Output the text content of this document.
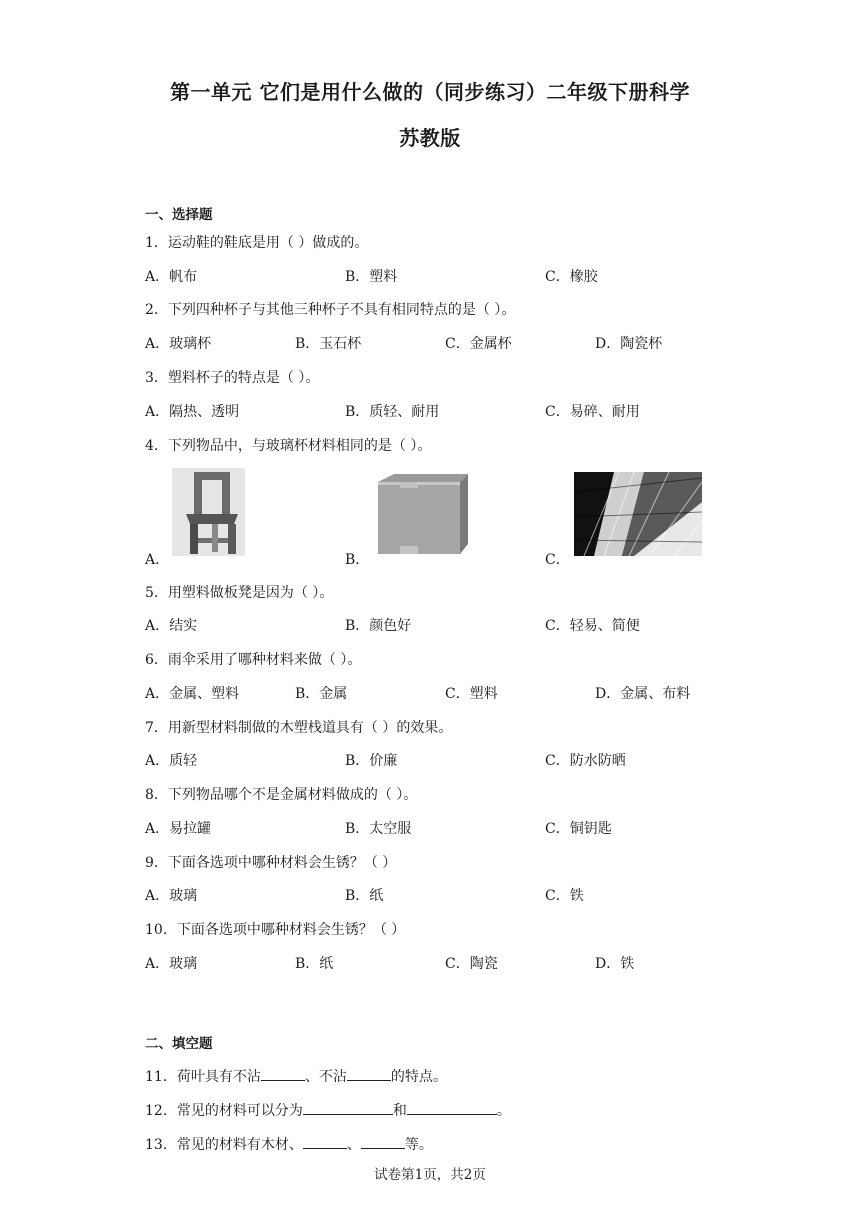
第一单元 它们是用什么做的（同步练习）二年级下册科学
苏教版
一、选择题
1．运动鞋的鞋底是用（ ）做成的。
A．帆布	B．塑料	C．橡胶
2．下列四种杯子与其他三种杯子不具有相同特点的是（ ）。
A．玻璃杯	B．玉石杯	C．金属杯	D．陶瓷杯
3．塑料杯子的特点是（ ）。
A．隔热、透明	B．质轻、耐用	C．易碎、耐用
4．下列物品中，与玻璃杯材料相同的是（ ）。
A．	B．	C．
5．用塑料做板凳是因为（ ）。
A．结实	B．颜色好	C．轻易、简便
6．雨伞采用了哪种材料来做（ ）。
A．金属、塑料	B．金属	C．塑料	D．金属、布料
7．用新型材料制做的木塑栈道具有（ ）的效果。
A．质轻	B．价廉	C．防水防晒
8．下列物品哪个不是金属材料做成的（ ）。
A．易拉罐	B．太空服	C．铜钥匙
9．下面各选项中哪种材料会生锈？（ ）
A．玻璃	B．纸	C．铁
10．下面各选项中哪种材料会生锈？（ ）
A．玻璃	B．纸	C．陶瓷	D．铁
二、填空题
11．荷叶具有不沾	、不沾	的特点。
12．常见的材料可以分为	和	。
13．常见的材料有木材、	、	等。
试卷第1页，共2页
